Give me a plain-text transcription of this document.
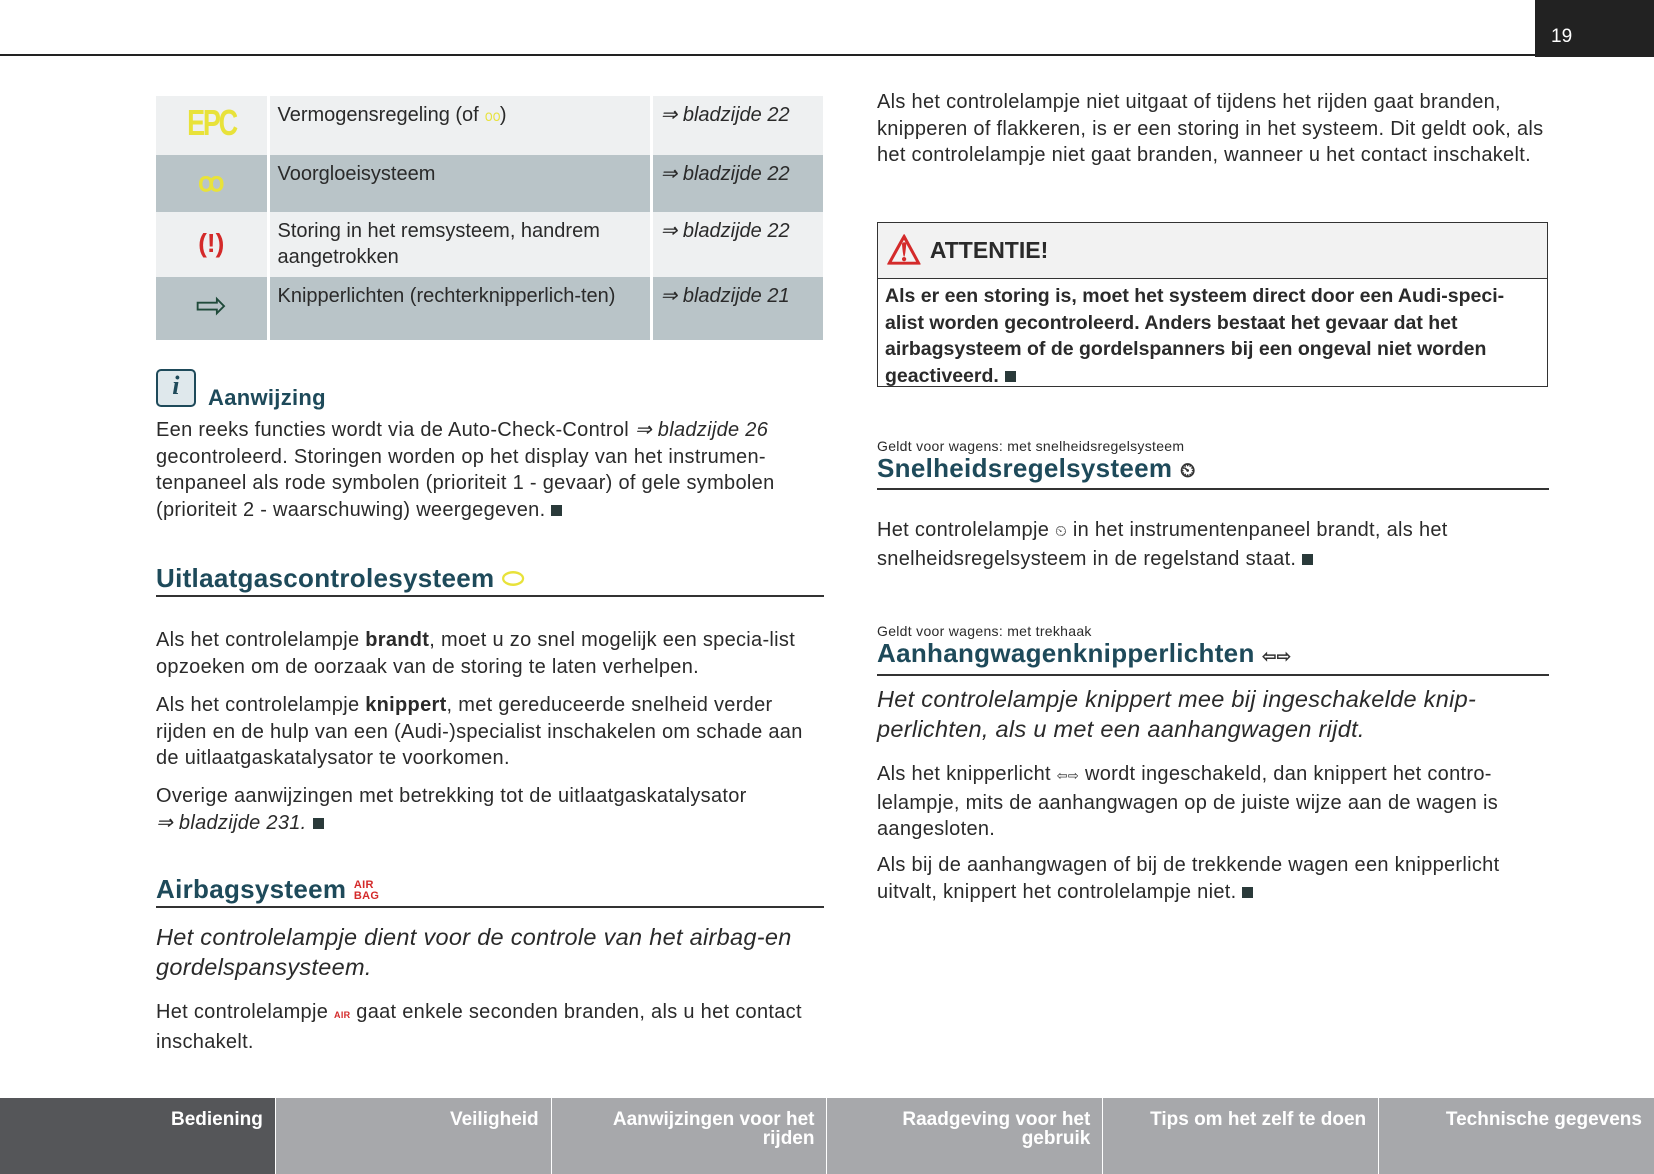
19
EPC	Vermogensregeling (of ൦൦)	⇒ bladzijde 22
ꝏ	Voorgloeisysteem	⇒ bladzijde 22
(!)	Storing in het remsysteem, handrem aangetrokken	⇒ bladzijde 22
⇨	Knipperlichten (rechterknipperlich-ten)	⇒ bladzijde 21
i	Aanwijzing

Een reeks functies wordt via de Auto-Check-Control ⇒ bladzijde 26 gecontroleerd. Storingen worden op het display van het instrumen-tenpaneel als rode symbolen (prioriteit 1 - gevaar) of gele symbolen (prioriteit 2 - waarschuwing) weergegeven.

Uitlaatgascontrolesysteem ⬭

Als het controlelampje brandt, moet u zo snel mogelijk een specia-list opzoeken om de oorzaak van de storing te laten verhelpen.

Als het controlelampje knippert, met gereduceerde snelheid verder rijden en de hulp van een (Audi-)specialist inschakelen om schade aan de uitlaatgaskatalysator te voorkomen.

Overige aanwijzingen met betrekking tot de uitlaatgaskatalysator
⇒ bladzijde 231.

Airbagsysteem AIR BAG

Het controlelampje dient voor de controle van het airbag-en gordelspansysteem.

Het controlelampje AIR gaat enkele seconden branden, als u het contact inschakelt.

Als het controlelampje niet uitgaat of tijdens het rijden gaat branden, knipperen of flakkeren, is er een storing in het systeem. Dit geldt ook, als het controlelampje niet gaat branden, wanneer u het contact inschakelt.

⚠ ATTENTIE!
Als er een storing is, moet het systeem direct door een Audi-speci-alist worden gecontroleerd. Anders bestaat het gevaar dat het airbagsysteem of de gordelspanners bij een ongeval niet worden geactiveerd.

Geldt voor wagens: met snelheidsregelsysteem

Snelheidsregelsysteem ⏲

Het controlelampje ⏲ in het instrumentenpaneel brandt, als het snelheidsregelsysteem in de regelstand staat.

Geldt voor wagens: met trekhaak

Aanhangwagenknipperlichten ⇦⇨

Het controlelampje knippert mee bij ingeschakelde knip-perlichten, als u met een aanhangwagen rijdt.

Als het knipperlicht ⇦⇨ wordt ingeschakeld, dan knippert het contro-lelampje, mits de aanhangwagen op de juiste wijze aan de wagen is aangesloten.

Als bij de aanhangwagen of bij de trekkende wagen een knipperlicht uitvalt, knippert het controlelampje niet.

Bediening	Veiligheid	Aanwijzingen voor het rijden
Raadgeving voor het gebruik
Tips om het zelf te doen	Technische gegevens
